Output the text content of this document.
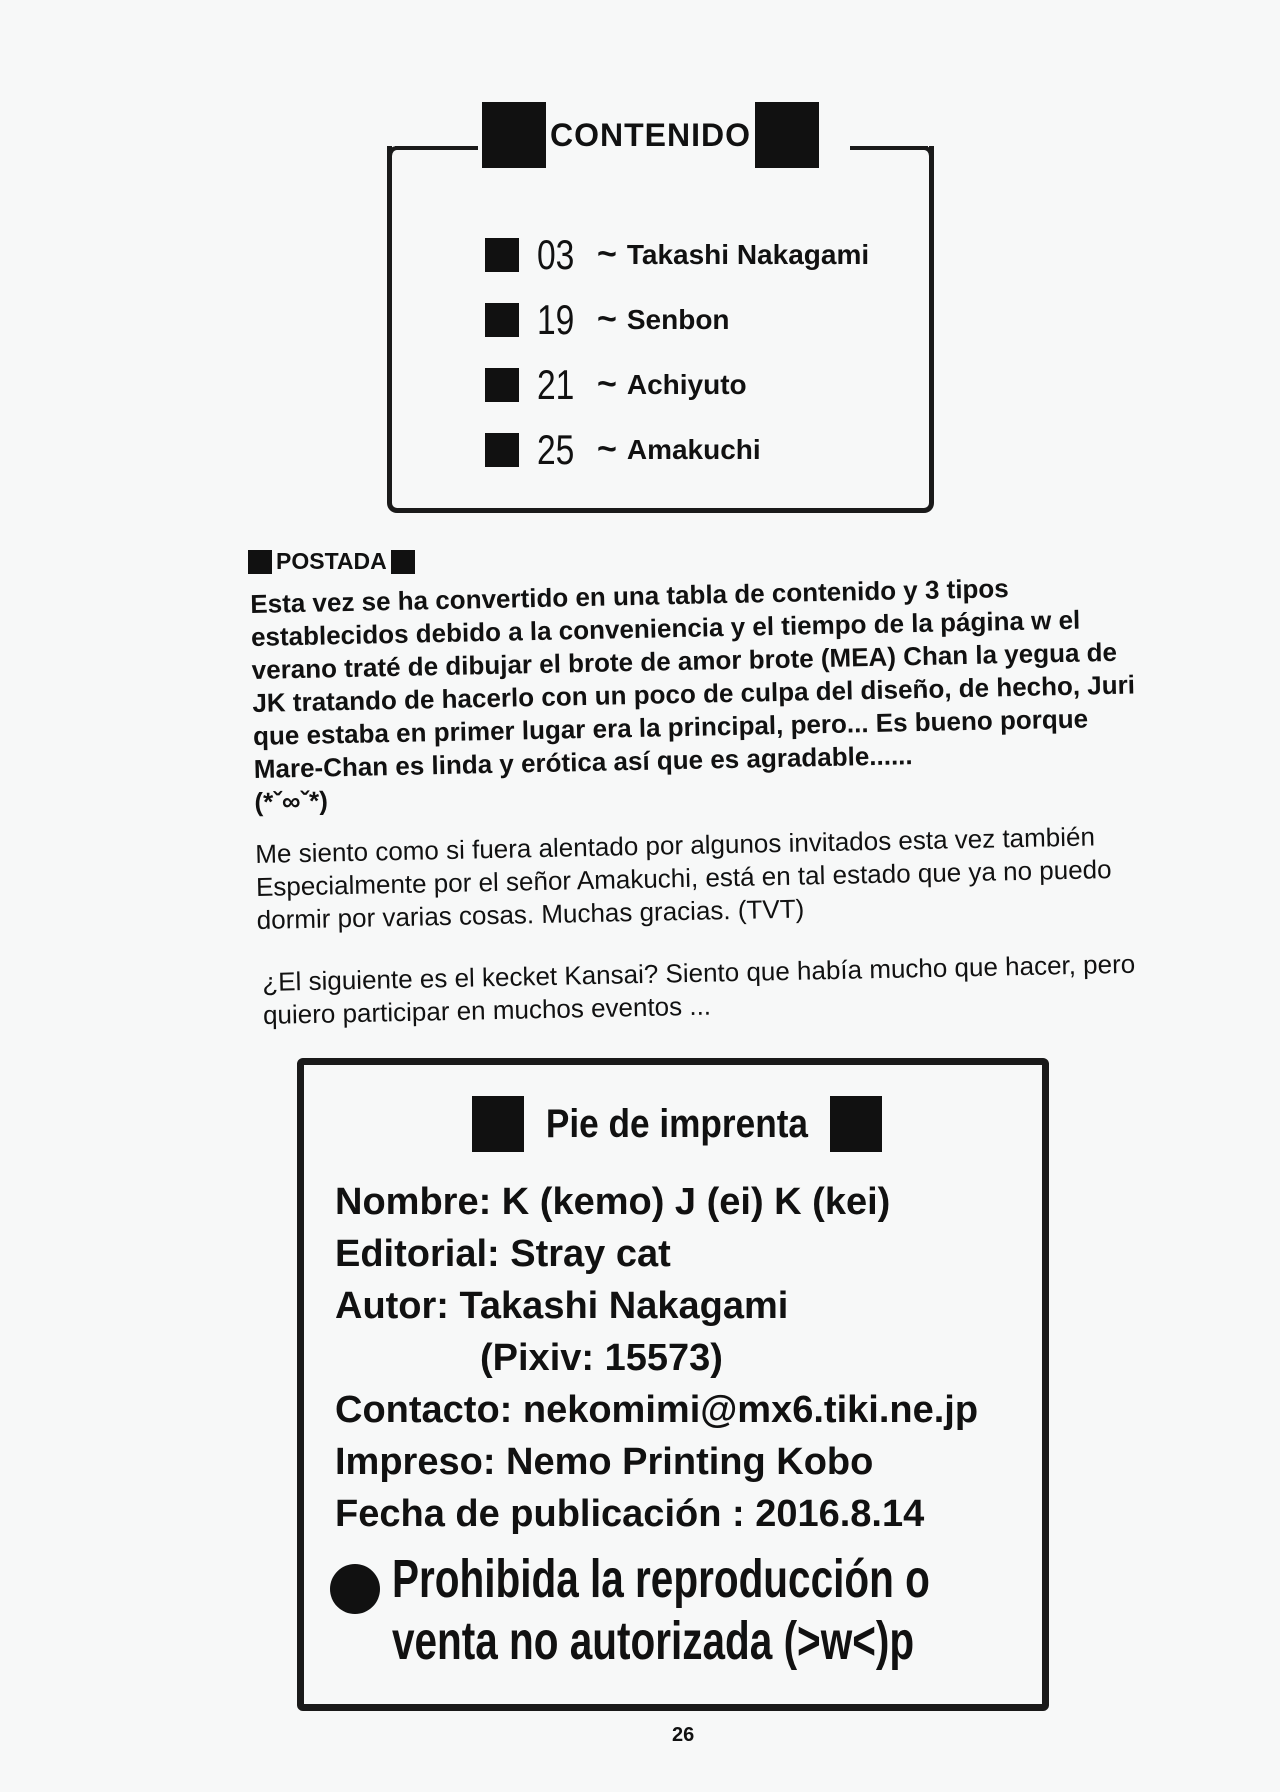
CONTENIDO
03 ~ Takashi Nakagami
19 ~ Senbon
21 ~ Achiyuto
25 ~ Amakuchi
POSTADA
Esta vez se ha convertido en una tabla de contenido y 3 tipos establecidos debido a la conveniencia y el tiempo de la página w el verano traté de dibujar el brote de amor brote (MEA) Chan la yegua de JK tratando de hacerlo con un poco de culpa del diseño, de hecho, Juri que estaba en primer lugar era la principal, pero... Es bueno porque Mare-Chan es linda y erótica así que es agradable......
(*ˇ∞ˇ*)
Me siento como si fuera alentado por algunos invitados esta vez también Especialmente por el señor Amakuchi, está en tal estado que ya no puedo dormir por varias cosas. Muchas gracias. (TVT)
¿El siguiente es el kecket Kansai? Siento que había mucho que hacer, pero quiero participar en muchos eventos ...
Pie de imprenta
Nombre: K (kemo) J (ei) K (kei)
Editorial: Stray cat
Autor: Takashi Nakagami
(Pixiv: 15573)
Contacto: nekomimi@mx6.tiki.ne.jp
Impreso: Nemo Printing Kobo
Fecha de publicación : 2016.8.14
Prohibida la reproducción o
venta no autorizada (>w<)p
26
